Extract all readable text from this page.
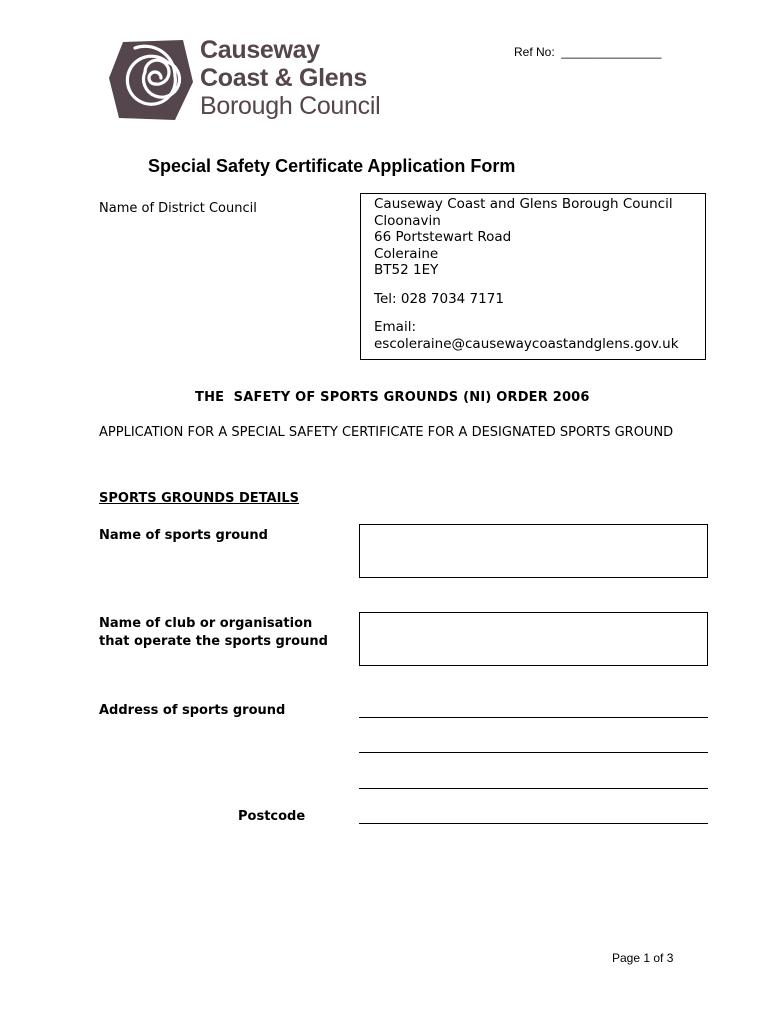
Causeway
Coast & Glens
Borough Council
Ref No:  _______________
Special Safety Certificate Application Form
Name of District Council	Causeway Coast and Glens Borough Council
Cloonavin
66 Portstewart Road
Coleraine
BT52 1EY
Tel: 028 7034 7171
Email:
escoleraine@causewaycoastandglens.gov.uk
THE  SAFETY OF SPORTS GROUNDS (NI) ORDER 2006
APPLICATION FOR A SPECIAL SAFETY CERTIFICATE FOR A DESIGNATED SPORTS GROUND
SPORTS GROUNDS DETAILS
Name of sports ground
Name of club or organisation
that operate the sports ground
Address of sports ground
Postcode
Page 1 of 3
